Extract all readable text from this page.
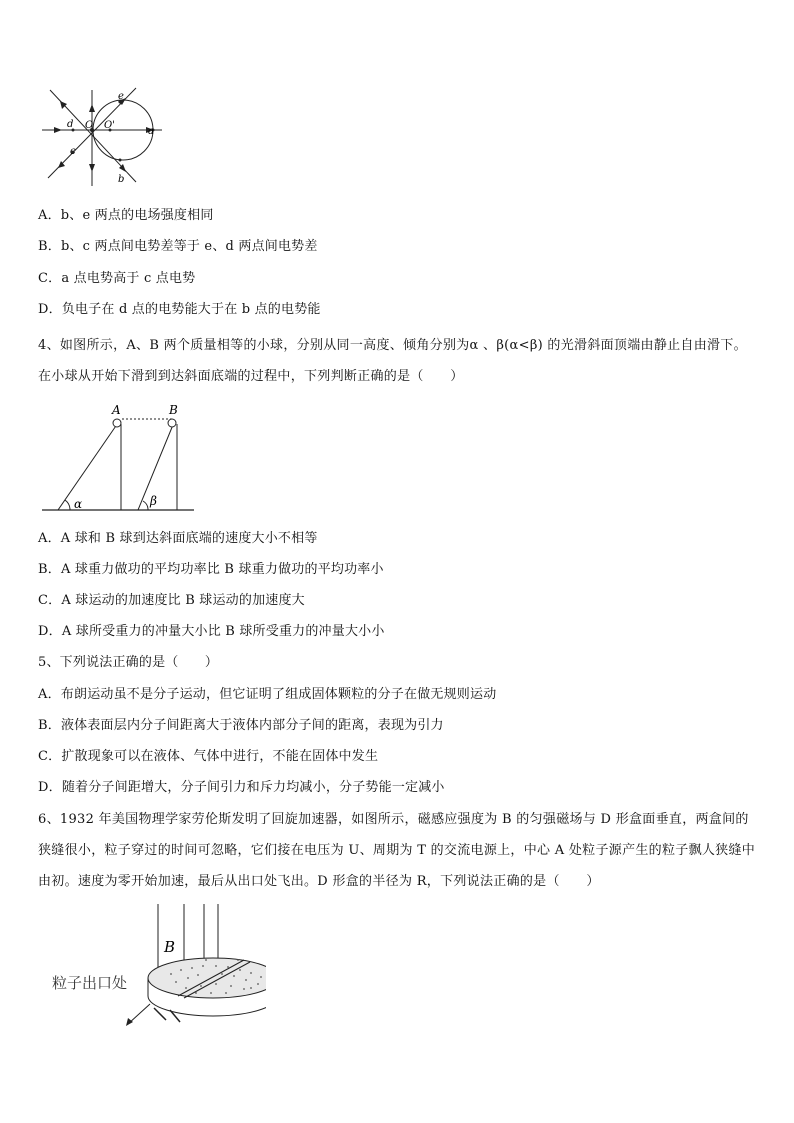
e
d O O'
a
c
b
A．b、e 两点的电场强度相同
B．b、c 两点间电势差等于 e、d 两点间电势差
C．a 点电势高于 c 点电势
D．负电子在 d 点的电势能大于在 b 点的电势能
4、如图所示，A、B 两个质量相等的小球，分别从同一高度、倾角分别为α 、β(α<β) 的光滑斜面顶端由静止自由滑下。在小球从开始下滑到到达斜面底端的过程中，下列判断正确的是（　　）
A	B
α	β
A．A 球和 B 球到达斜面底端的速度大小不相等
B．A 球重力做功的平均功率比 B 球重力做功的平均功率小
C．A 球运动的加速度比 B 球运动的加速度大
D．A 球所受重力的冲量大小比 B 球所受重力的冲量大小小
5、下列说法正确的是（　　）
A．布朗运动虽不是分子运动，但它证明了组成固体颗粒的分子在做无规则运动
B．液体表面层内分子间距离大于液体内部分子间的距离，表现为引力
C．扩散现象可以在液体、气体中进行，不能在固体中发生
D．随着分子间距增大，分子间引力和斥力均减小，分子势能一定减小
6、1932 年美国物理学家劳伦斯发明了回旋加速器，如图所示，磁感应强度为 B 的匀强磁场与 D 形盒面垂直，两盒间的狭缝很小，粒子穿过的时间可忽略，它们接在电压为 U、周期为 T 的交流电源上，中心 A 处粒子源产生的粒子飘人狭缝中由初。速度为零开始加速，最后从出口处飞出。D 形盒的半径为 R，下列说法正确的是（　　）
B
粒子出口处
